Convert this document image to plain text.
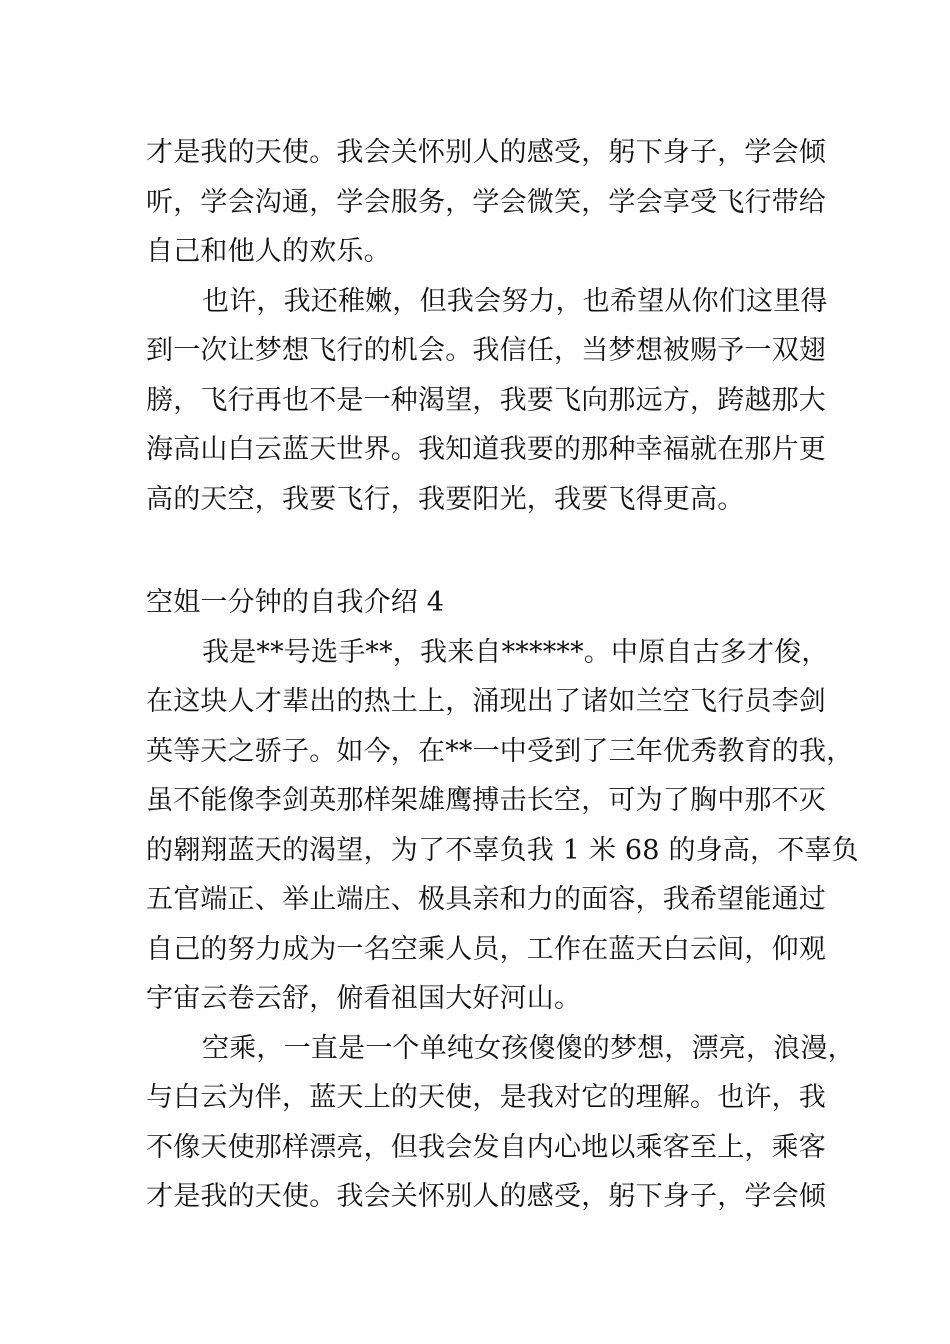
才是我的天使。我会关怀别人的感受，躬下身子，学会倾
听，学会沟通，学会服务，学会微笑，学会享受飞行带给
自己和他人的欢乐。
也许，我还稚嫩，但我会努力，也希望从你们这里得
到一次让梦想飞行的机会。我信任，当梦想被赐予一双翅
膀，飞行再也不是一种渴望，我要飞向那远方，跨越那大
海高山白云蓝天世界。我知道我要的那种幸福就在那片更
高的天空，我要飞行，我要阳光，我要飞得更高。
空姐一分钟的自我介绍 4
我是**号选手**，我来自******。中原自古多才俊，
在这块人才辈出的热土上，涌现出了诸如兰空飞行员李剑
英等天之骄子。如今，在**一中受到了三年优秀教育的我，
虽不能像李剑英那样架雄鹰搏击长空，可为了胸中那不灭
的翱翔蓝天的渴望，为了不辜负我 1 米 68 的身高，不辜负
五官端正、举止端庄、极具亲和力的面容，我希望能通过
自己的努力成为一名空乘人员，工作在蓝天白云间，仰观
宇宙云卷云舒，俯看祖国大好河山。
空乘，一直是一个单纯女孩傻傻的梦想，漂亮，浪漫，
与白云为伴，蓝天上的天使，是我对它的理解。也许，我
不像天使那样漂亮，但我会发自内心地以乘客至上，乘客
才是我的天使。我会关怀别人的感受，躬下身子，学会倾
